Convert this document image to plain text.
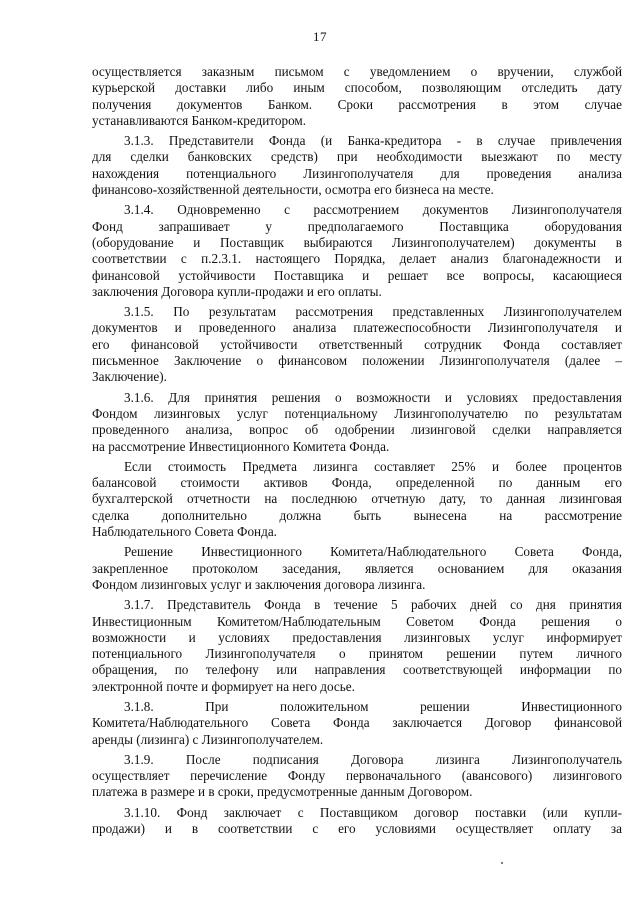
17
осуществляется заказным письмом с уведомлением о вручении, службой
курьерской доставки либо иным способом, позволяющим отследить дату
получения документов Банком. Сроки рассмотрения в этом случае
устанавливаются Банком-кредитором.
3.1.3. Представители Фонда (и Банка-кредитора - в случае привлечения
для сделки банковских средств) при необходимости выезжают по месту
нахождения потенциального Лизингополучателя для проведения анализа
финансово-хозяйственной деятельности, осмотра его бизнеса на месте.
3.1.4. Одновременно с рассмотрением документов Лизингополучателя
Фонд запрашивает у предполагаемого Поставщика оборудования
(оборудование и Поставщик выбираются Лизингополучателем) документы в
соответствии с п.2.3.1. настоящего Порядка, делает анализ благонадежности и
финансовой устойчивости Поставщика и решает все вопросы, касающиеся
заключения Договора купли-продажи и его оплаты.
3.1.5. По результатам рассмотрения представленных Лизингополучателем
документов и проведенного анализа платежеспособности Лизингополучателя и
его финансовой устойчивости ответственный сотрудник Фонда составляет
письменное Заключение о финансовом положении Лизингополучателя (далее –
Заключение).
3.1.6. Для принятия решения о возможности и условиях предоставления
Фондом лизинговых услуг потенциальному Лизингополучателю по результатам
проведенного анализа, вопрос об одобрении лизинговой сделки направляется
на рассмотрение Инвестиционного Комитета Фонда.
Если стоимость Предмета лизинга составляет 25% и более процентов
балансовой стоимости активов Фонда, определенной по данным его
бухгалтерской отчетности на последнюю отчетную дату, то данная лизинговая
сделка дополнительно должна быть вынесена на рассмотрение
Наблюдательного Совета Фонда.
Решение Инвестиционного Комитета/Наблюдательного Совета Фонда,
закрепленное протоколом заседания, является основанием для оказания
Фондом лизинговых услуг и заключения договора лизинга.
3.1.7. Представитель Фонда в течение 5 рабочих дней со дня принятия
Инвестиционным Комитетом/Наблюдательным Советом Фонда решения о
возможности и условиях предоставления лизинговых услуг информирует
потенциального Лизингополучателя о принятом решении путем личного
обращения, по телефону или направления соответствующей информации по
электронной почте и формирует на него досье.
3.1.8. При положительном решении Инвестиционного
Комитета/Наблюдательного Совета Фонда заключается Договор финансовой
аренды (лизинга) с Лизингополучателем.
3.1.9. После подписания Договора лизинга Лизингополучатель
осуществляет перечисление Фонду первоначального (авансового) лизингового
платежа в размере и в сроки, предусмотренные данным Договором.
3.1.10. Фонд заключает с Поставщиком договор поставки (или купли-
продажи) и в соответствии с его условиями осуществляет оплату за
